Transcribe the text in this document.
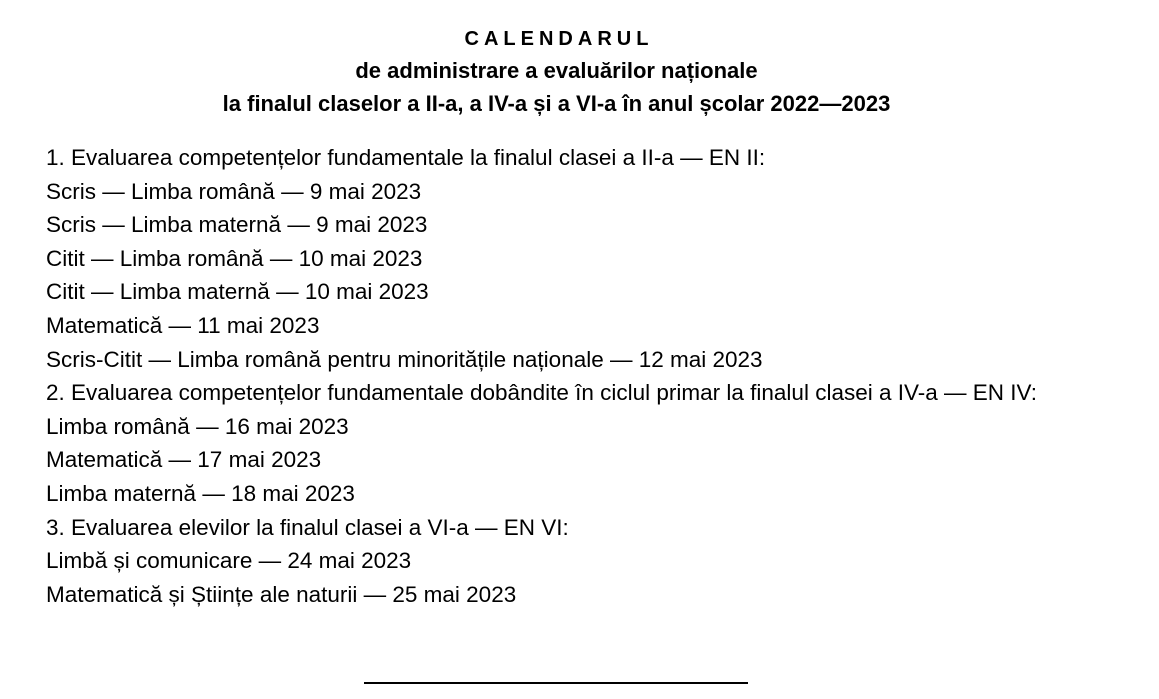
CALENDARUL
de administrare a evaluărilor naționale
la finalul claselor a II-a, a IV-a și a VI-a în anul școlar 2022—2023
1. Evaluarea competențelor fundamentale la finalul clasei a II-a — EN II:
Scris — Limba română — 9 mai 2023
Scris — Limba maternă — 9 mai 2023
Citit — Limba română — 10 mai 2023
Citit — Limba maternă — 10 mai 2023
Matematică — 11 mai 2023
Scris-Citit — Limba română pentru minoritățile naționale — 12 mai 2023
2. Evaluarea competențelor fundamentale dobândite în ciclul primar la finalul clasei a IV-a — EN IV:
Limba română — 16 mai 2023
Matematică — 17 mai 2023
Limba maternă — 18 mai 2023
3. Evaluarea elevilor la finalul clasei a VI-a — EN VI:
Limbă și comunicare — 24 mai 2023
Matematică și Științe ale naturii — 25 mai 2023
